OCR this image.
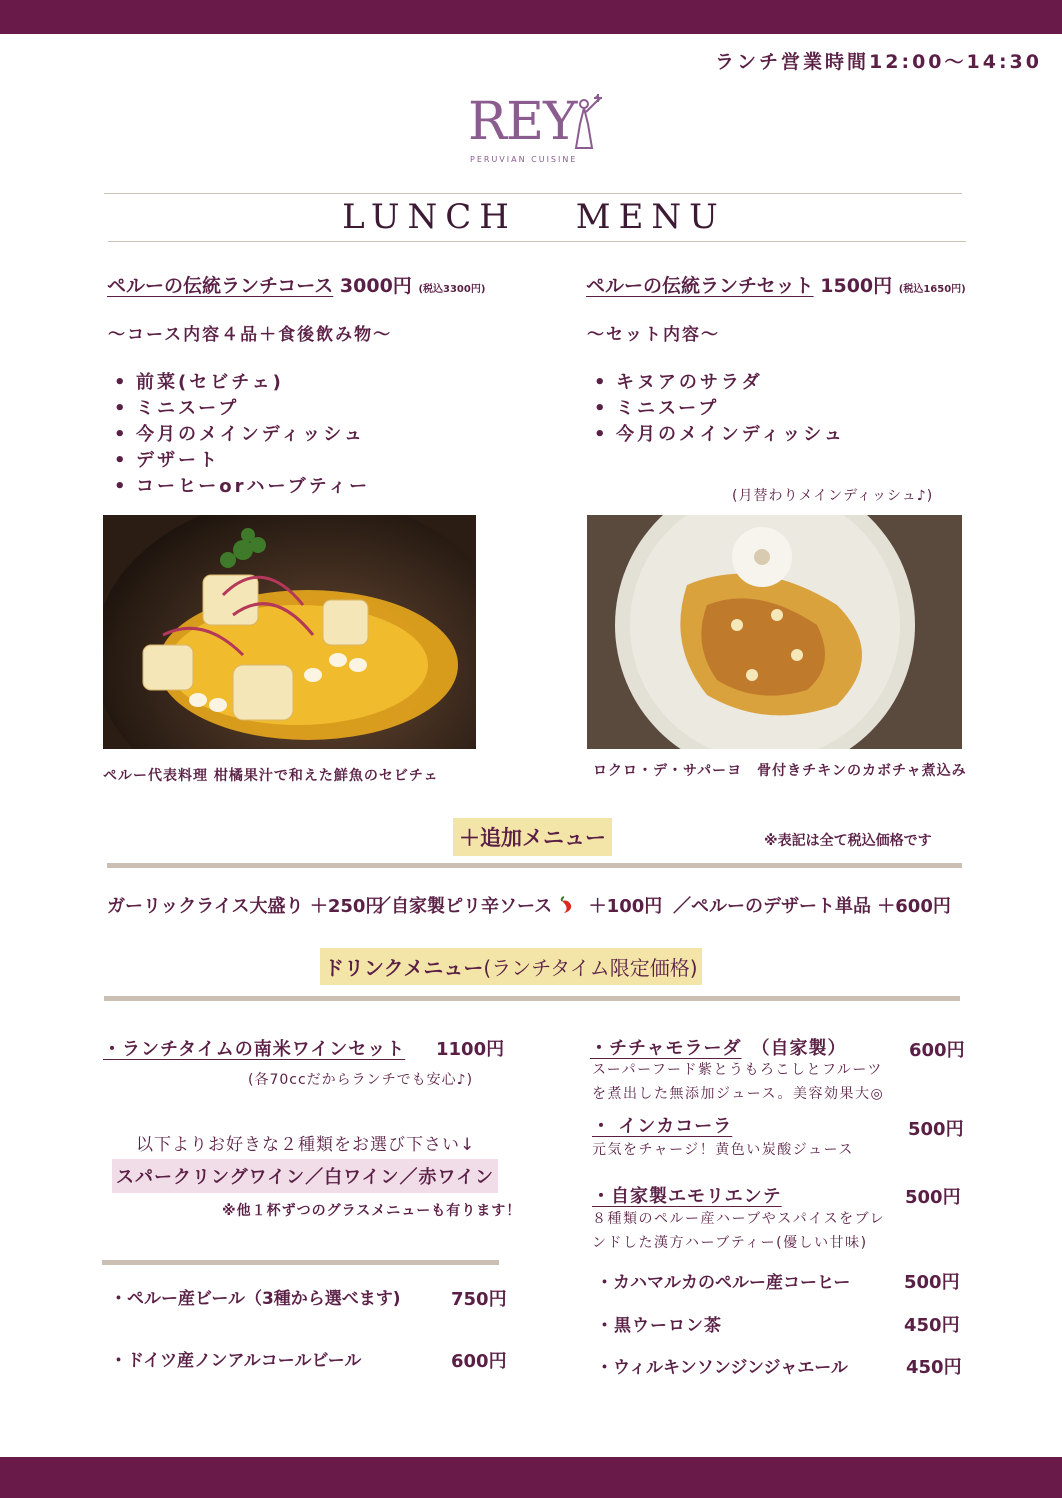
ランチ営業時間12:00～14:30
REY
PERUVIAN CUISINE
LUNCH MENU
ペルーの伝統ランチコース 3000円 (税込3300円)
～コース内容４品＋食後飲み物～
• 前菜(セビチェ)
• ミニスープ
• 今月のメインディッシュ
• デザート
• コーヒーorハーブティー
ペルーの伝統ランチセット 1500円 (税込1650円)
～セット内容～
• キヌアのサラダ
• ミニスープ
• 今月のメインディッシュ
(月替わりメインディッシュ♪)
ペルー代表料理 柑橘果汁で和えた鮮魚のセビチェ	ロクロ・デ・サパーヨ　骨付きチキンのカボチャ煮込み
＋追加メニュー	※表記は全て税込価格です
ガーリックライス大盛り ＋250円
／自家製ピリ辛ソース ＋100円 ／ペルーのデザート単品 ＋600円
ドリンクメニュー(ランチタイム限定価格)
・ランチタイムの南米ワインセット 1100円
(各70ccだからランチでも安心♪)
以下よりお好きな２種類をお選び下さい↓
スパークリングワイン／白ワイン／赤ワイン
※他１杯ずつのグラスメニューも有ります！
・ペルー産ビール（3種から選べます)	750円
・ドイツ産ノンアルコールビール	600円
・チチャモラーダ （自家製）	600円
スーパーフード紫とうもろこしとフルーツ
を煮出した無添加ジュース。美容効果大◎
・ インカコーラ	500円
元気をチャージ！黄色い炭酸ジュース
・自家製エモリエンテ	500円
８種類のペルー産ハーブやスパイスをブレ
ンドした漢方ハーブティー(優しい甘味)
・カハマルカのペルー産コーヒー	500円
・黒ウーロン茶	450円
・ウィルキンソンジンジャエール	450円
